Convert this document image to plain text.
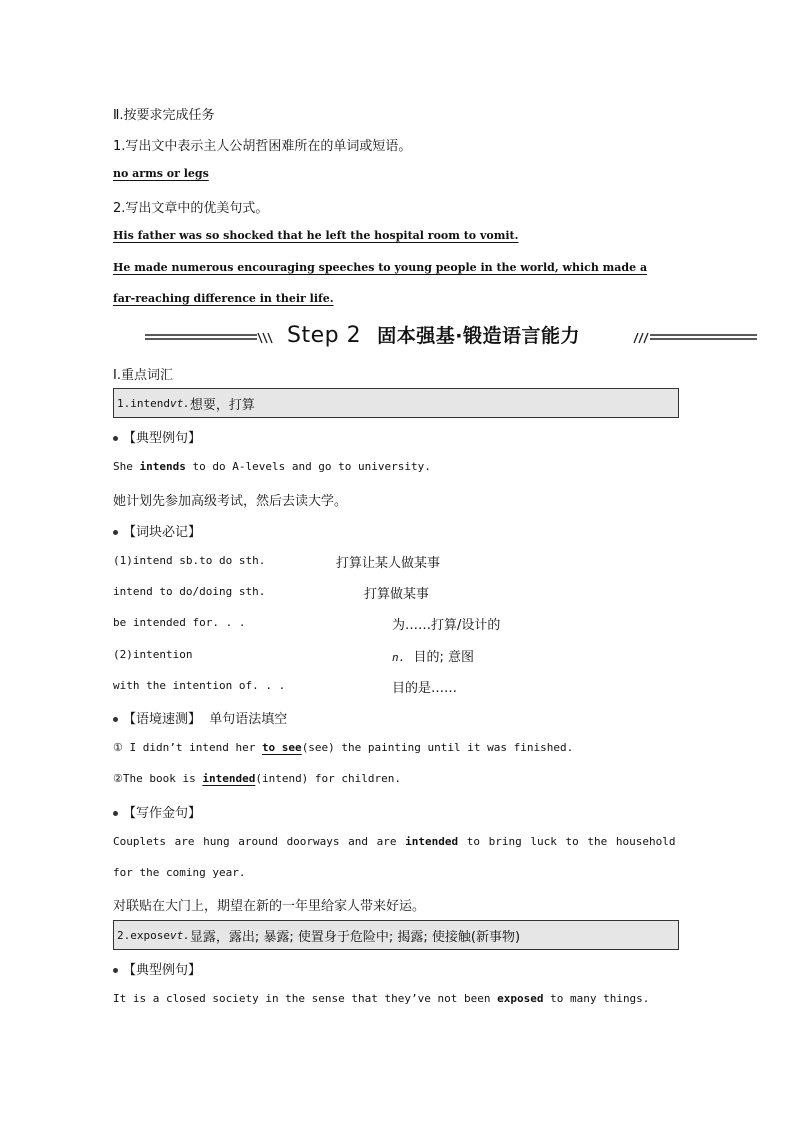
Ⅱ.按要求完成任务
1.写出文中表示主人公胡哲困难所在的单词或短语。
no arms or legs
2.写出文章中的优美句式。
His father was so shocked that he left the hospital room to vomit.
He made numerous encouraging speeches to young people in the world, which made a
far-reaching difference in their life.
Step 2 固本强基·锻造语言能力
Ⅰ.重点词汇
1.intend vt. 想要，打算
【典型例句】
She intends to do A-levels and go to university.
她计划先参加高级考试，然后去读大学。
【词块必记】
(1)intend sb.to do sth.	打算让某人做某事
intend to do/doing sth.	打算做某事
be intended for. . .	为……打算/设计的
(2)intention	n. 目的; 意图
with the intention of. . .	目的是……
【语境速测】 单句语法填空
① I didn’t intend her to see(see) the painting until it was finished.
②The book is intended(intend) for children.
【写作金句】
Couplets are hung around doorways and are intended to bring luck to the household
for the coming year.
对联贴在大门上，期望在新的一年里给家人带来好运。
2.expose vt. 显露，露出; 暴露; 使置身于危险中; 揭露; 使接触(新事物)
【典型例句】
It is a closed society in the sense that they’ve not been exposed to many things.
